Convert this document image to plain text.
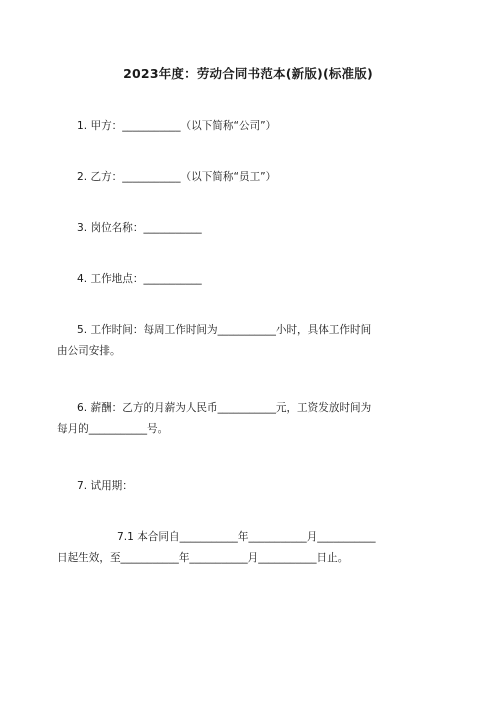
2023年度：劳动合同书范本(新版)(标准版)
1. 甲方：___________（以下简称“公司”）
2. 乙方：___________（以下简称“员工”）
3. 岗位名称：___________
4. 工作地点：___________
5. 工作时间：每周工作时间为___________小时，具体工作时间
由公司安排。
6. 薪酬：乙方的月薪为人民币___________元，工资发放时间为
每月的___________号。
7. 试用期：
7.1 本合同自___________年___________月___________
日起生效，至___________年___________月___________日止。
